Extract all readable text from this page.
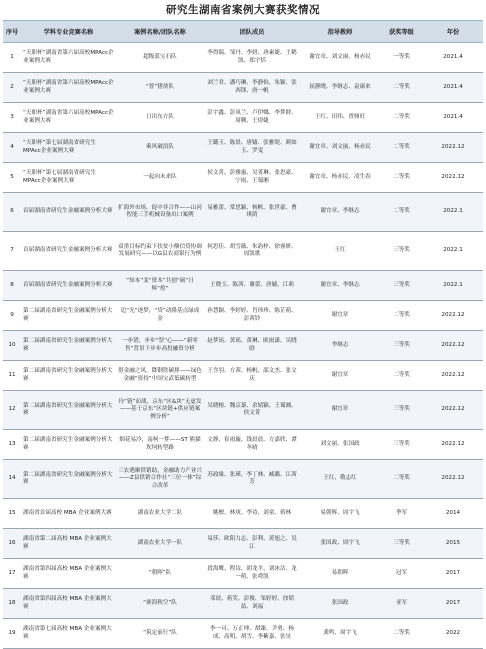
研究生湖南省案例大赛获奖情况
序号	学科专业竞赛名称	案例名称/团队名称	团队成员	指导教师	获奖等级	年份
1	“天职杯”湖南省第六届高校MPAcc企业案例大赛	超级蓝宝石队	李得瑞、邹丹、李妍、唐素婕、王鹤凯、郑宇恬	谢宜章、刘文丽、杨赤民	一等奖	2021.4
2	“天职杯”湖南省第六届高校MPAcc企业案例大赛	“智”猪侠队	刘兰君、潘巧琳、李静怡、朱颖、张西锋、唐一帆	屈静晓、李继志、袁康来	二等奖	2021.4
3	“天职杯”湖南省第六届高校MPAcc企业案例大赛	日出东方队	彭宇鑫、彭凤兰、卢伊娜、李梦群、周腾、王煜婕	王红、田伟、曾娅旺	二等奖	2021.4
4	“天职杯”第七届湖南省研究生 MPAcc企业案例大赛	乘风破浪队	王璐玉、陈晨、唐嫱、张雅缇、颜如玉、罗雯	谢宜章、刘文丽、杨赤民	二等奖	2022.12
5	“天职杯”第七届湖南省研究生 MPAcc企业案例大赛	一起向未来队	侯文菁、彭雅惠、吴菁琳、张思豪、宁雨、王蜀湘	谢宜章、杨赤民、凌生春	二等奖	2022.12
6	首届湖南省研究生金融案例分析大赛	扩海外市场，促中非合作——山河智能三手机械设备出口案例	易雅蕾、常思颖、杨帆、张世豪、曹琪荫	谢宜章、李继志	二等奖	2022.1
7	首届湖南省研究生金融案例分析大赛	双重目标约束下扶贫小额信贷协调发展研究——以G县农商银行为例	何思佳、胡雪薇、朱韵梓、徐睿妍、周凯歌	王红	三等奖	2022.1
8	首届湖南省研究生金融案例分析大赛	“知本”变“资本”共创“硕”日辉“煌”	王晓玉、陈茜、谢蕾、唐嫱、江莉	谢宜章、李继志	三等奖	2022.1
9	第二届湖南省研究生金融案例分析大赛	追“光”逐梦，“贷”动隆基点绿成金	孙慧颖、李婷婷、肖珍珍、陈芷萌、彭茜铃	谢宜章	二等奖	2022.12
10	第二届湖南省研究生金融案例分析大赛	一步错，步步“祭”心——“新零售”背景下步步高投融资分析	赵梦瑶、黄瑶、黄琳、欧雨潇、吴晓晗	李继志	三等奖	2022.12
11	第二届湖南省研究生金融案例分析大赛	借金融之风，降钢铁碳排——绿色金融“资持”中国宝武低碳转型	王含羽、方茜、杨帆、邵文杰、张文庆	谢宜章	二等奖	2022.12
12	第二届湖南省研究生金融案例分析大赛	玲“链”而战，京东“区&块”无虚发——基于京东“区块链+供应链案例分析”	吴晓榕、魏京蓁、余婧颖、王蜀湘、侯文菁	谢宜章	三等奖	2022.12
13	第二届湖南省研究生金融案例分析大赛	烟花易冷，南柯一梦——ST 熊猫坎坷转型路	文静、崔雨璇、钱晨晨、方嘉欣、谭冬晴	刘文丽、张国政	三等奖	2022.12
14	第二届湖南省研究生金融案例分析大赛	三农遇顺供销助，金融助力产业兴——Z县供销合作社“三位一体”综合改革	苏政缘、张瑛、李丁林、臧璐、江茜芳	王红、敬志红	二等奖	2022.12
15	湖南省首届高校 MBA 企业案例大赛	湖南农业大学二队	姚檀、林庚、李诗、刘童、蒋林	易朝辉、周宇飞	季军	2014
16	湖南省第二届高校 MBA 企业案例大赛	湖南农业大学一队	易莎、欧阳力志、彭利、黄旭之、吴江	张国政、周宇飞	三等奖	2015
17	湖南省第四届高校 MBA 企业案例大赛	“朝晖”队	段海鹰、程诗、胡龙平、刘冰洁、龙一萌、张舜凯	易朝晖	冠军	2017
18	湖南省第四届高校 MBA 企业案例大赛	“赛海秋空”队	邓晨、蒋笑、彭俊、邹婷婷、徐韬喆、刘福	张国政	亚军	2017
19	湖南省第七届高校 MBA 企业案例大赛	“筑定前行”队	李一可、万正坤、胡臻、尹勇、杨成、高明、胡雪、李紫嘉、张昊	龚鸣、周宇飞	二等奖	2022
